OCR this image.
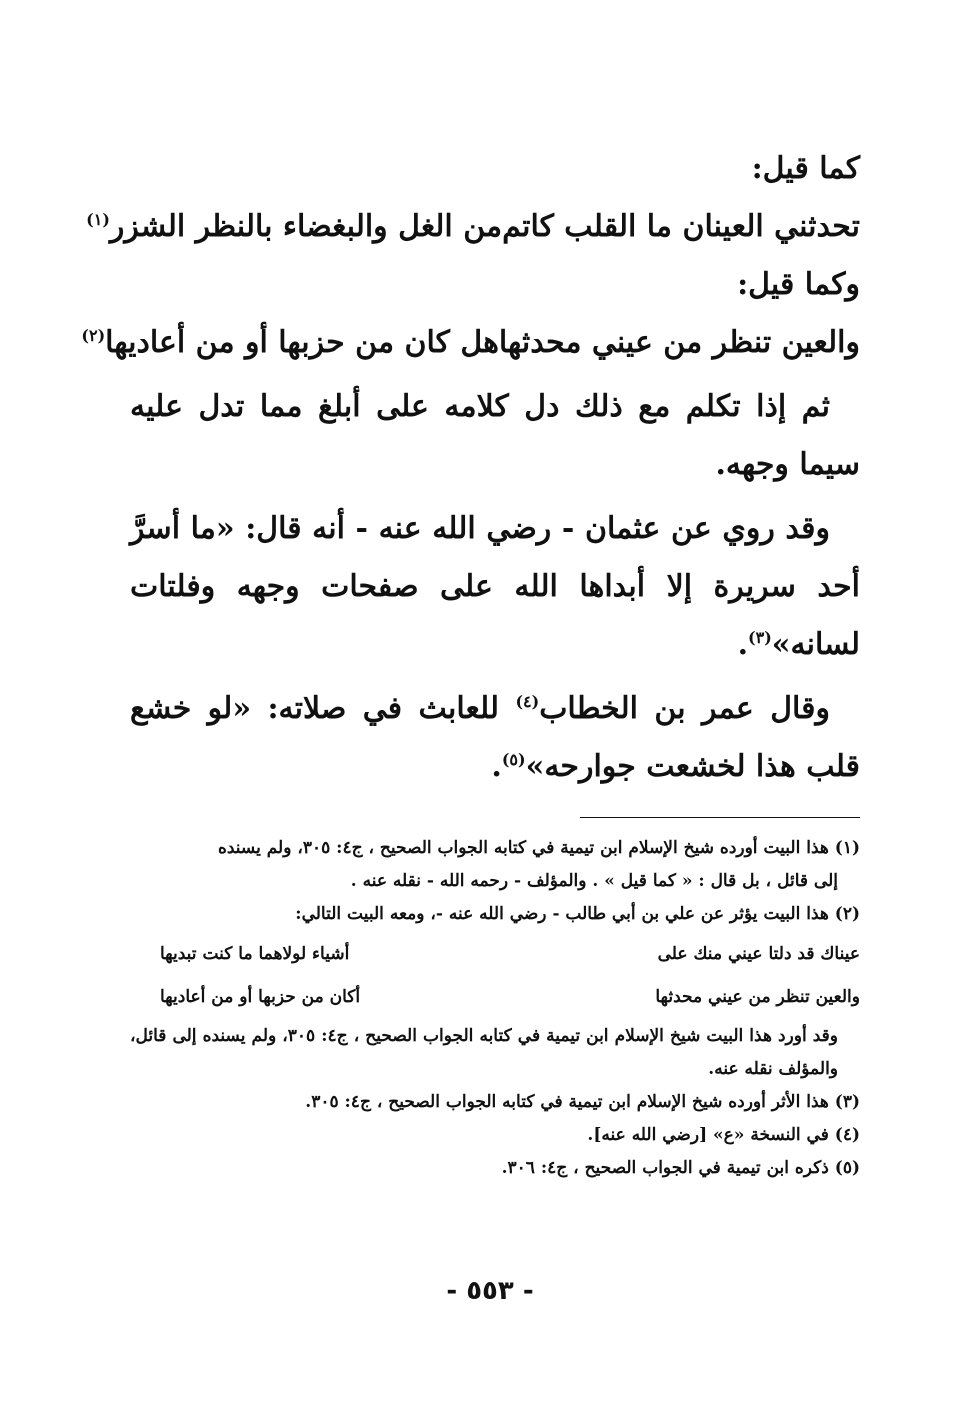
كما قيل:
تحدثني العينان ما القلب كاتم
من الغل والبغضاء بالنظر الشزر$^{(١)}$
وكما قيل:
والعين تنظر من عيني محدثها
هل كان من حزبها أو من أعاديها$^{(٢)}$
ثم إذا تكلم مع ذلك دل كلامه على أبلغ مما تدل عليه سيما وجهه.
وقد روي عن عثمان - رضي الله عنه - أنه قال: «ما أسرَّ أحد سريرة إلا أبداها الله على صفحات وجهه وفلتات لسانه»$^{(٣)}$.
وقال عمر بن الخطاب$^{(٤)}$ للعابث في صلاته: «لو خشع قلب هذا لخشعت جوارحه»$^{(٥)}$.
(١) هذا البيت أورده شيخ الإسلام ابن تيمية في كتابه الجواب الصحيح ، ج٤: ٣٠٥، ولم يسنده
إلى قائل ، بل قال : « كما قيل » . والمؤلف - رحمه الله - نقله عنه .
(٢) هذا البيت يؤثر عن علي بن أبي طالب - رضي الله عنه -، ومعه البيت التالي:
عيناك قد دلتا عيني منك على
أشياء لولاهما ما كنت تبديها
والعين تنظر من عيني محدثها
أكان من حزبها أو من أعاديها
وقد أورد هذا البيت شيخ الإسلام ابن تيمية في كتابه الجواب الصحيح ، ج٤: ٣٠٥، ولم يسنده إلى قائل، والمؤلف نقله عنه.
(٣) هذا الأثر أورده شيخ الإسلام ابن تيمية في كتابه الجواب الصحيح ، ج٤: ٣٠٥.
(٤) في النسخة «ع» [رضي الله عنه].
(٥) ذكره ابن تيمية في الجواب الصحيح ، ج٤: ٣٠٦.
- ٥٥٣ -
